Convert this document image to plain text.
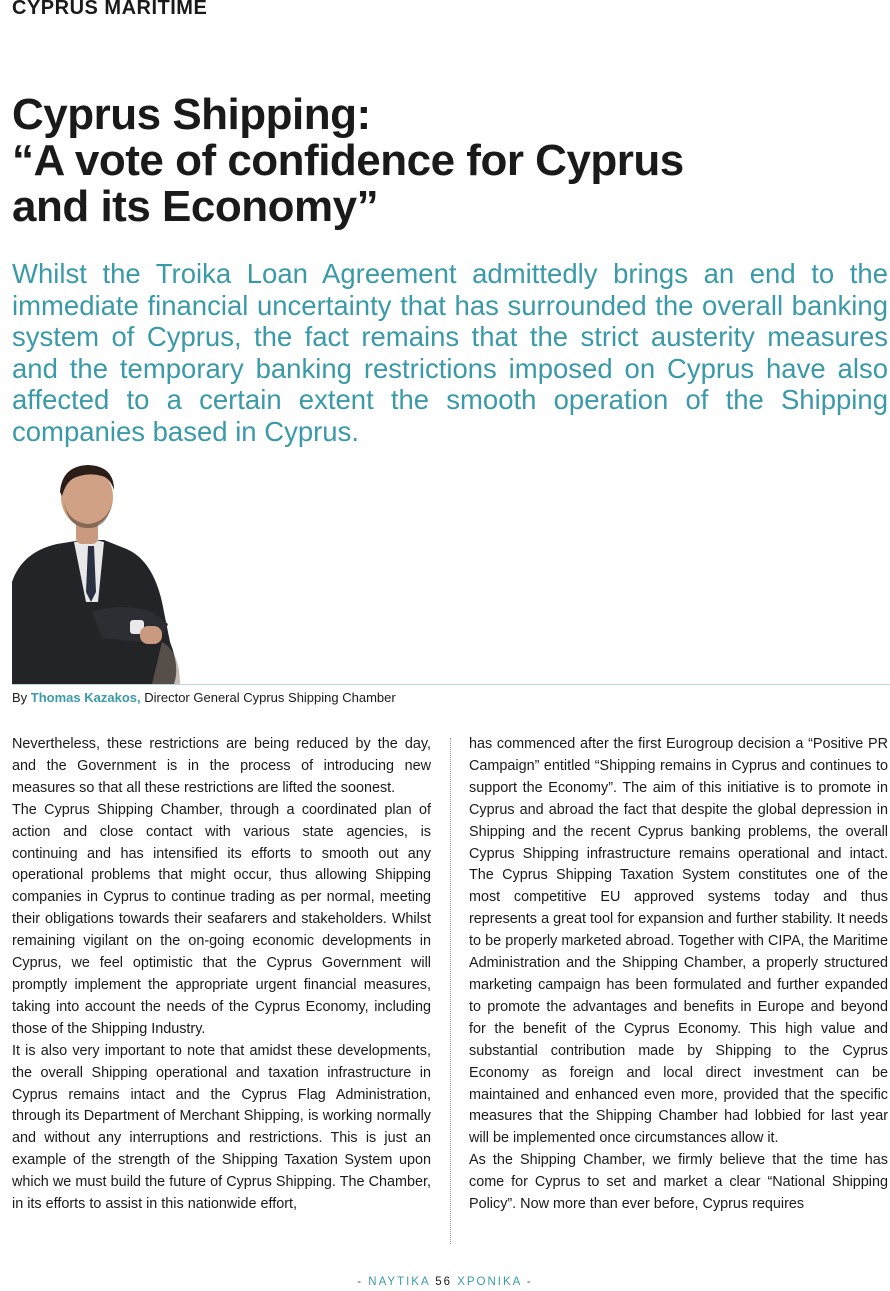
CYPRUS MARITIME
Cyprus Shipping:
“A vote of confidence for Cyprus
and its Economy”

Whilst the Troika Loan Agreement admittedly brings an end to the immediate financial uncertainty that has surrounded the overall banking system of Cyprus, the fact remains that the strict austerity measures and the temporary banking restrictions imposed on Cyprus have also affected to a certain extent the smooth operation of the Shipping companies based in Cyprus.

By Thomas Kazakos, Director General Cyprus Shipping Chamber

Nevertheless, these restrictions are being reduced by the day, and the Government is in the process of introducing new measures so that all these restrictions are lifted the soonest.

The Cyprus Shipping Chamber, through a coordinated plan of action and close contact with various state agencies, is continuing and has intensified its efforts to smooth out any operational problems that might occur, thus allowing Shipping companies in Cyprus to continue trading as per normal, meeting their obligations towards their seafarers and stakeholders. Whilst remaining vigilant on the on-going economic developments in Cyprus, we feel optimistic that the Cyprus Government will promptly implement the appropriate urgent financial measures, taking into account the needs of the Cyprus Economy, including those of the Shipping Industry.

It is also very important to note that amidst these developments, the overall Shipping operational and taxation infrastructure in Cyprus remains intact and the Cyprus Flag Administration, through its Department of Merchant Shipping, is working normally and without any interruptions and restrictions. This is just an example of the strength of the Shipping Taxation System upon which we must build the future of Cyprus Shipping. The Chamber, in its efforts to assist in this nationwide effort,

has commenced after the first Eurogroup decision a “Positive PR Campaign” entitled “Shipping remains in Cyprus and continues to support the Economy”. The aim of this initiative is to promote in Cyprus and abroad the fact that despite the global depression in Shipping and the recent Cyprus banking problems, the overall Cyprus Shipping infrastructure remains operational and intact. The Cyprus Shipping Taxation System constitutes one of the most competitive EU approved systems today and thus represents a great tool for expansion and further stability. It needs to be properly marketed abroad. Together with CIPA, the Maritime Administration and the Shipping Chamber, a properly structured marketing campaign has been formulated and further expanded to promote the advantages and benefits in Europe and beyond for the benefit of the Cyprus Economy. This high value and substantial contribution made by Shipping to the Cyprus Economy as foreign and local direct investment can be maintained and enhanced even more, provided that the specific measures that the Shipping Chamber had lobbied for last year will be implemented once circumstances allow it.

As the Shipping Chamber, we firmly believe that the time has come for Cyprus to set and market a clear “National Shipping Policy”. Now more than ever before, Cyprus requires

- NAYTIKA 56 XPONIKA -
